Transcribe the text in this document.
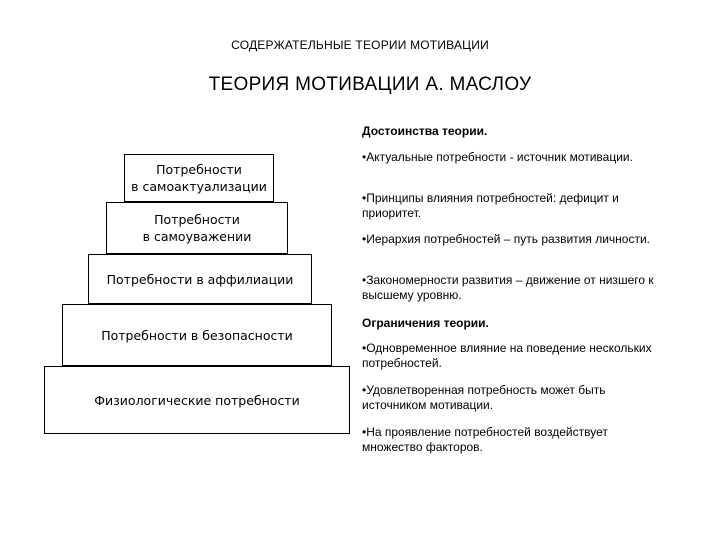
СОДЕРЖАТЕЛЬНЫЕ ТЕОРИИ МОТИВАЦИИ
ТЕОРИЯ МОТИВАЦИИ А. МАСЛОУ
Потребности
в самоактуализации
Потребности
в самоуважении
Потребности в аффилиации
Потребности в безопасности
Физиологические потребности
Достоинства теории.
•Актуальные потребности - источник мотивации.
•Принципы влияния потребностей: дефицит и приоритет.
•Иерархия потребностей – путь развития личности.
•Закономерности развития – движение от низшего к высшему уровню.
Ограничения теории.
•Одновременное влияние на поведение нескольких потребностей.
•Удовлетворенная потребность может быть источником мотивации.
•На проявление потребностей воздействует множество факторов.
